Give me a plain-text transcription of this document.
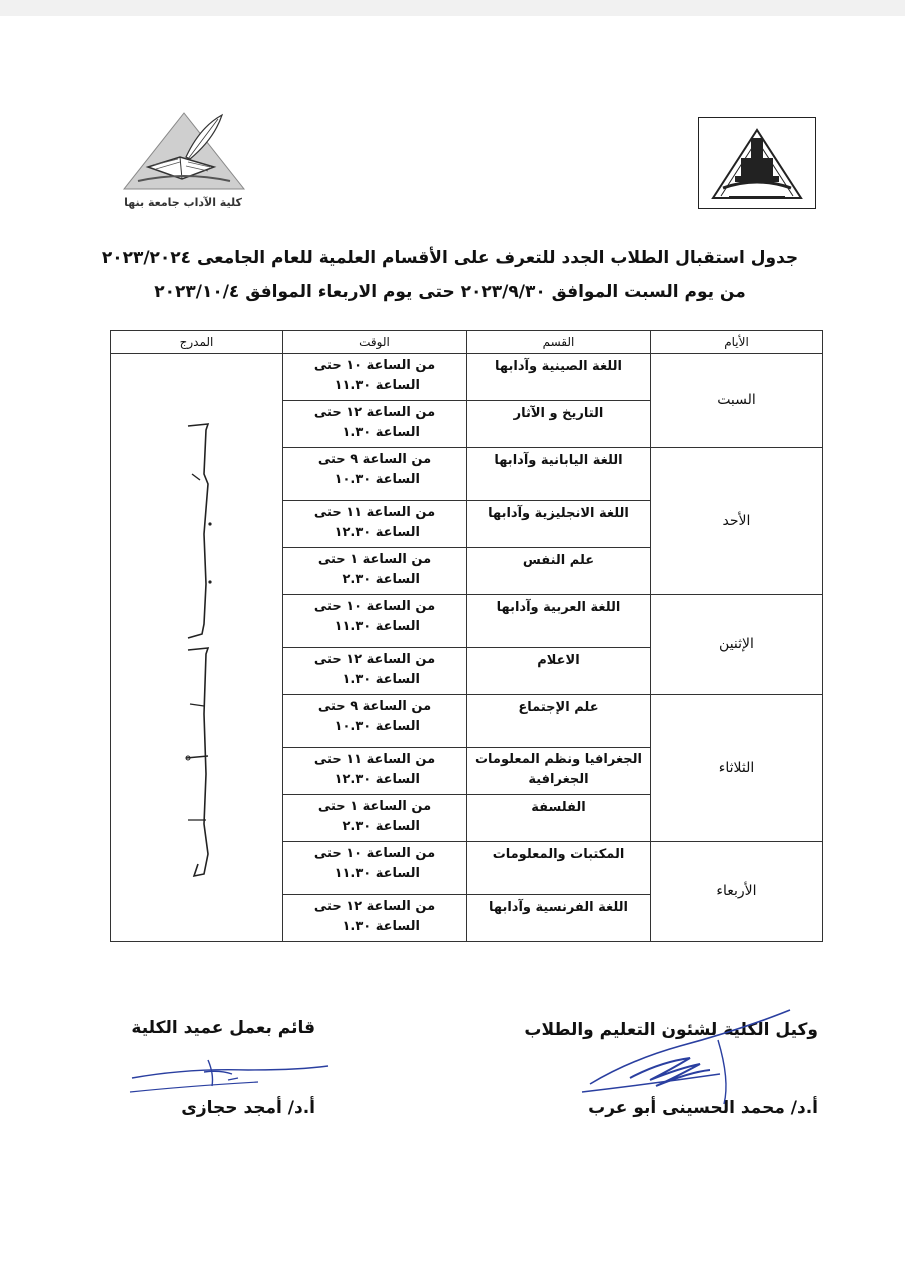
كلية الآداب جامعة بنها
جدول استقبال الطلاب الجدد للتعرف على الأقسام العلمية للعام الجامعى ٢٠٢٣/٢٠٢٤
من يوم السبت الموافق ٢٠٢٣/٩/٣٠ حتى يوم الاربعاء الموافق ٢٠٢٣/١٠/٤
الأيام	القسم	الوقت	المدرج
السبت	اللغة الصينية وآدابها	من الساعة ١٠ حتى
الساعة ١١.٣٠

	التاريخ و الآثار	من الساعة ١٢ حتى
الساعة ١.٣٠	

الأحد	اللغة اليابانية وآدابها	من الساعة ٩ حتى
الساعة ١٠.٣٠	

	اللغة الانجليزية وآدابها	من الساعة ١١ حتى
الساعة ١٢.٣٠	

	علم النفس	من الساعة ١ حتى
الساعة ٢.٣٠	

الإثنين	اللغة العربية وآدابها	من الساعة ١٠ حتى
الساعة ١١.٣٠	

	الاعلام	من الساعة ١٢ حتى
الساعة ١.٣٠	

الثلاثاء	علم الإجتماع	من الساعة ٩ حتى
الساعة ١٠.٣٠	

	الجغرافيا ونظم المعلومات الجغرافية	من الساعة ١١ حتى
الساعة ١٢.٣٠	

	الفلسفة	من الساعة ١ حتى
الساعة ٢.٣٠	

الأربعاء	المكتبات والمعلومات	من الساعة ١٠ حتى
الساعة ١١.٣٠	

	اللغة الفرنسية وآدابها	من الساعة ١٢ حتى
الساعة ١.٣٠	
وكيل الكلية لشئون التعليم والطلاب
أ.د/ محمد الحسينى أبو عرب
قائم بعمل عميد الكلية
أ.د/ أمجد حجازى
